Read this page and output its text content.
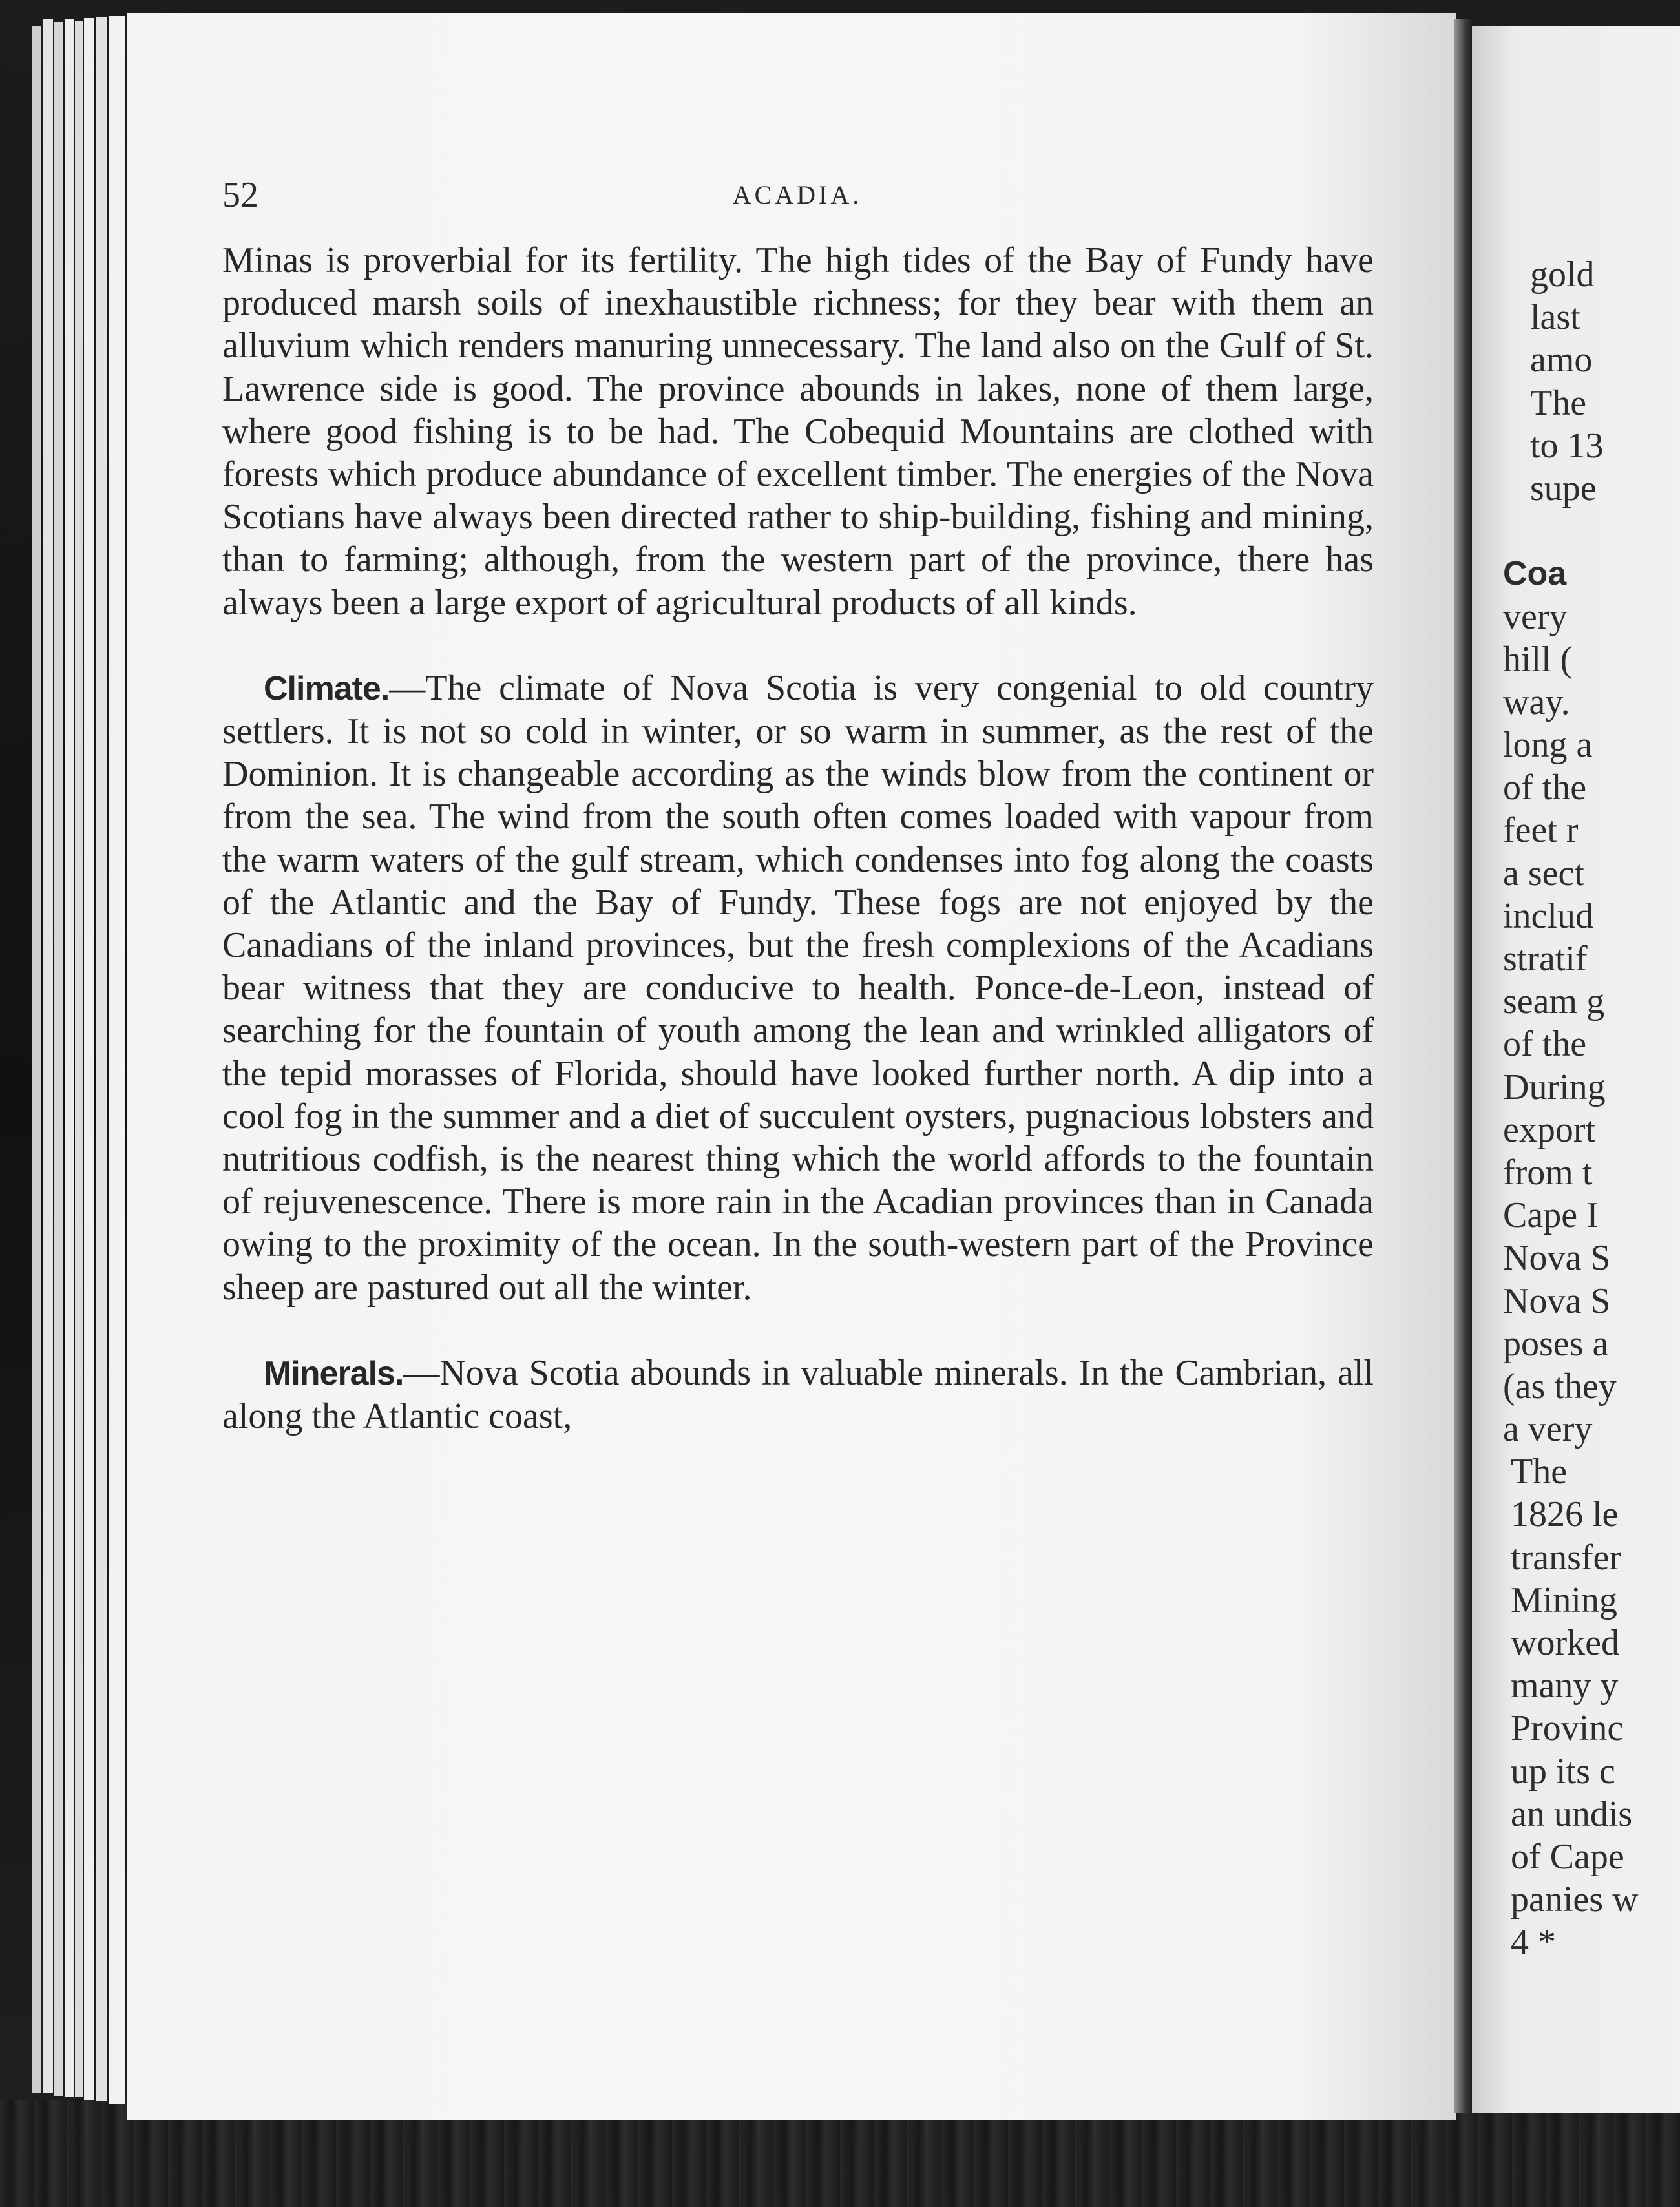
gold
last
amo
The
to 13
supe
Coa
very
hill (
way.
long a
of the
feet r
a sect
includ
stratif
seam g
of the
During
export
from t
Cape I
Nova S
Nova S
poses a
(as they
a very
The
1826 le
transfer
Mining
worked
many y
Provinc
up its c
an undis
of Cape
panies w
4 *
52	ACADIA.

Minas is proverbial for its fertility. The high tides of the Bay of Fundy have produced marsh soils of inexhaustible richness; for they bear with them an alluvium which renders manuring unnecessary. The land also on the Gulf of St. Lawrence side is good. The province abounds in lakes, none of them large, where good fishing is to be had. The Cobequid Mountains are clothed with forests which produce abundance of excellent timber. The energies of the Nova Scotians have always been directed rather to ship-building, fishing and mining, than to farming; although, from the western part of the province, there has always been a large export of agricultural products of all kinds.

Climate.—The climate of Nova Scotia is very congenial to old country settlers. It is not so cold in winter, or so warm in summer, as the rest of the Dominion. It is changeable according as the winds blow from the continent or from the sea. The wind from the south often comes loaded with vapour from the warm waters of the gulf stream, which condenses into fog along the coasts of the Atlantic and the Bay of Fundy. These fogs are not enjoyed by the Canadians of the inland provinces, but the fresh complexions of the Acadians bear witness that they are conducive to health. Ponce-de-Leon, instead of searching for the fountain of youth among the lean and wrinkled alligators of the tepid morasses of Florida, should have looked further north. A dip into a cool fog in the summer and a diet of succulent oysters, pugnacious lobsters and nutritious codfish, is the nearest thing which the world affords to the fountain of rejuvenescence. There is more rain in the Acadian provinces than in Canada owing to the proximity of the ocean. In the south-western part of the Province sheep are pastured out all the winter.

Minerals.—Nova Scotia abounds in valuable minerals. In the Cambrian, all along the Atlantic coast,
